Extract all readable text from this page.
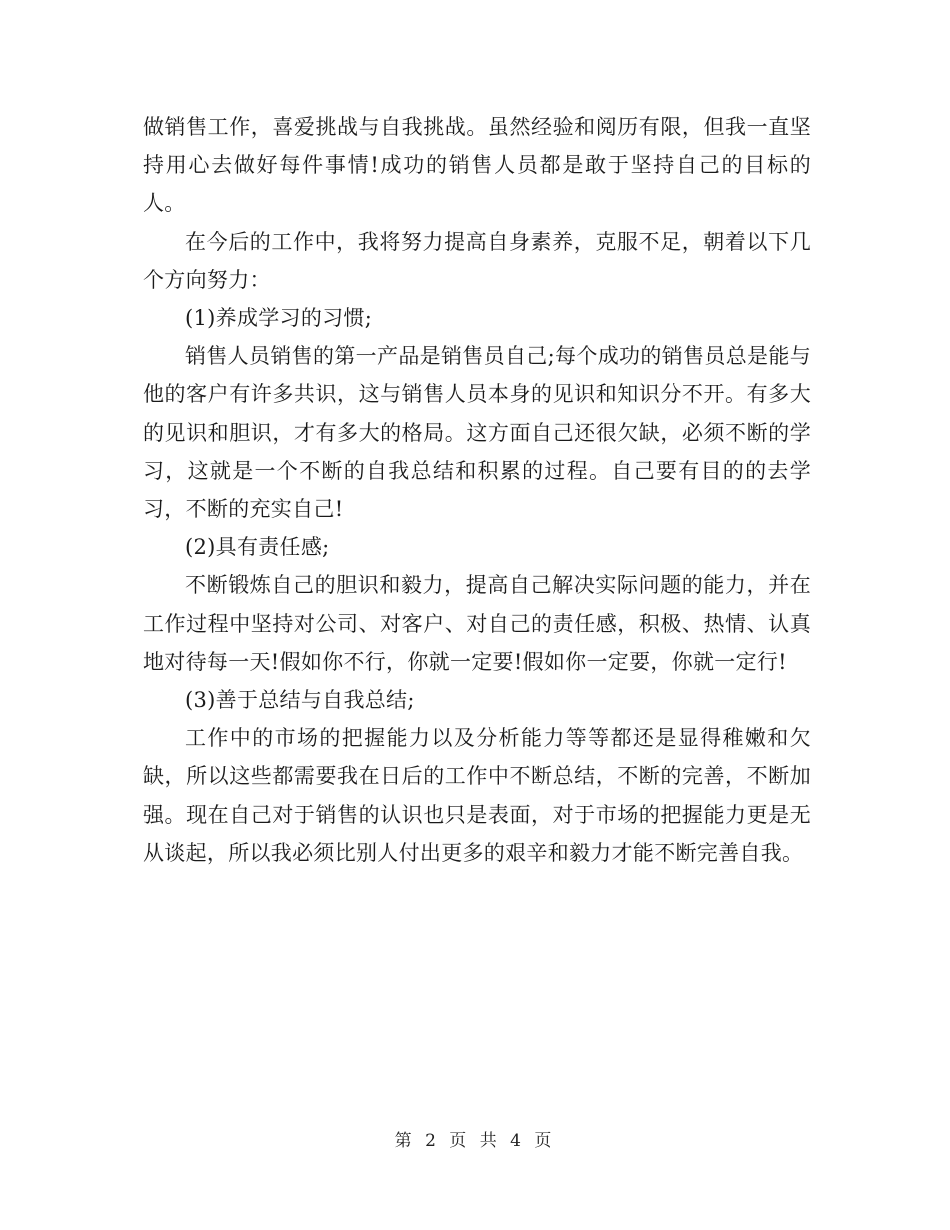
做销售工作，喜爱挑战与自我挑战。虽然经验和阅历有限，但我一直坚持用心去做好每件事情!成功的销售人员都是敢于坚持自己的目标的人。

在今后的工作中，我将努力提高自身素养，克服不足，朝着以下几个方向努力：

(1)养成学习的习惯;

销售人员销售的第一产品是销售员自己;每个成功的销售员总是能与他的客户有许多共识，这与销售人员本身的见识和知识分不开。有多大的见识和胆识，才有多大的格局。这方面自己还很欠缺，必须不断的学习，这就是一个不断的自我总结和积累的过程。自己要有目的的去学习，不断的充实自己!

(2)具有责任感;

不断锻炼自己的胆识和毅力，提高自己解决实际问题的能力，并在工作过程中坚持对公司、对客户、对自己的责任感，积极、热情、认真地对待每一天!假如你不行，你就一定要!假如你一定要，你就一定行!

(3)善于总结与自我总结;

工作中的市场的把握能力以及分析能力等等都还是显得稚嫩和欠缺，所以这些都需要我在日后的工作中不断总结，不断的完善，不断加强。现在自己对于销售的认识也只是表面，对于市场的把握能力更是无从谈起，所以我必须比别人付出更多的艰辛和毅力才能不断完善自我。

第 2 页 共 4 页
